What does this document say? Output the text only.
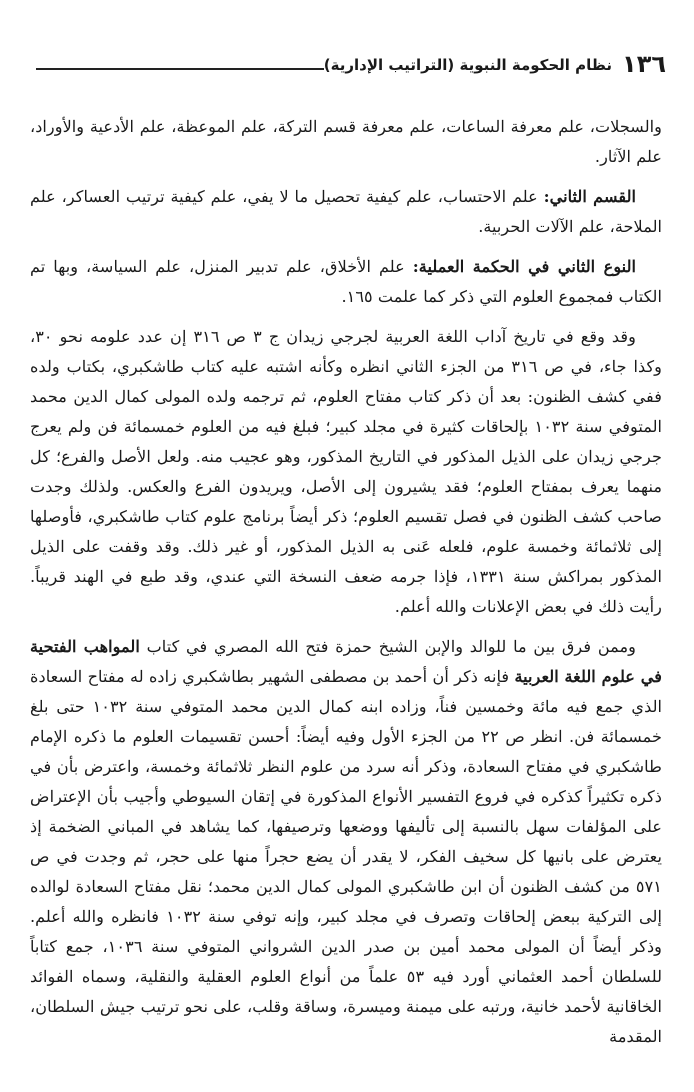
١٣٦
نظام الحكومة النبوية (التراتيب الإدارية)

والسجلات، علم معرفة الساعات، علم معرفة قسم التركة، علم الموعظة، علم الأدعية والأوراد، علم الآثار.

القسم الثاني: علم الاحتساب، علم كيفية تحصيل ما لا يفي، علم كيفية ترتيب العساكر، علم الملاحة، علم الآلات الحربية.

النوع الثاني في الحكمة العملية: علم الأخلاق، علم تدبير المنزل، علم السياسة، وبها تم الكتاب فمجموع العلوم التي ذكر كما علمت ١٦٥.

وقد وقع في تاريخ آداب اللغة العربية لجرجي زيدان ج ٣ ص ٣١٦ إن عدد علومه نحو ٣٠، وكذا جاء، في ص ٣١٦ من الجزء الثاني انظره وكأنه اشتبه عليه كتاب طاشكبري، بكتاب ولده ففي كشف الظنون: بعد أن ذكر كتاب مفتاح العلوم، ثم ترجمه ولده المولى كمال الدين محمد المتوفي سنة ١٠٣٢ بإلحاقات كثيرة في مجلد كبير؛ فبلغ فيه من العلوم خمسمائة فن ولم يعرج جرجي زيدان على الذيل المذكور في التاريخ المذكور، وهو عجيب منه. ولعل الأصل والفرع؛ كل منهما يعرف بمفتاح العلوم؛ فقد يشيرون إلى الأصل، ويريدون الفرع والعكس. ولذلك وجدت صاحب كشف الظنون في فصل تقسيم العلوم؛ ذكر أيضاً برنامج علوم كتاب طاشكبري، فأوصلها إلى ثلاثمائة وخمسة علوم، فلعله عَنى به الذيل المذكور، أو غير ذلك. وقد وقفت على الذيل المذكور بمراكش سنة ١٣٣١، فإذا جرمه ضعف النسخة التي عندي، وقد طبع في الهند قريباً. رأيت ذلك في بعض الإعلانات والله أعلم.

وممن فرق بين ما للوالد والإبن الشيخ حمزة فتح الله المصري في كتاب المواهب الفتحية في علوم اللغة العربية فإنه ذكر أن أحمد بن مصطفى الشهير بطاشكبري زاده له مفتاح السعادة الذي جمع فيه مائة وخمسين فناً، وزاده ابنه كمال الدين محمد المتوفي سنة ١٠٣٢ حتى بلغ خمسمائة فن. انظر ص ٢٢ من الجزء الأول وفيه أيضاً: أحسن تقسيمات العلوم ما ذكره الإمام طاشكبري في مفتاح السعادة، وذكر أنه سرد من علوم النظر ثلاثمائة وخمسة، واعترض بأن في ذكره تكثيراً كذكره في فروع التفسير الأنواع المذكورة في إتقان السيوطي وأجيب بأن الإعتراض على المؤلفات سهل بالنسبة إلى تأليفها ووضعها وترصيفها، كما يشاهد في المباني الضخمة إذ يعترض على بانيها كل سخيف الفكر، لا يقدر أن يضع حجراً منها على حجر، ثم وجدت في ص ٥٧١ من كشف الظنون أن ابن طاشكبري المولى كمال الدين محمد؛ نقل مفتاح السعادة لوالده إلى التركية ببعض إلحاقات وتصرف في مجلد كبير، وإنه توفي سنة ١٠٣٢ فانظره والله أعلم. وذكر أيضاً أن المولى محمد أمين بن صدر الدين الشرواني المتوفي سنة ١٠٣٦، جمع كتاباً للسلطان أحمد العثماني أورد فيه ٥٣ علماً من أنواع العلوم العقلية والنقلية، وسماه الفوائد الخاقانية لأحمد خانية، ورتبه على ميمنة وميسرة، وساقة وقلب، على نحو ترتيب جيش السلطان، المقدمة
